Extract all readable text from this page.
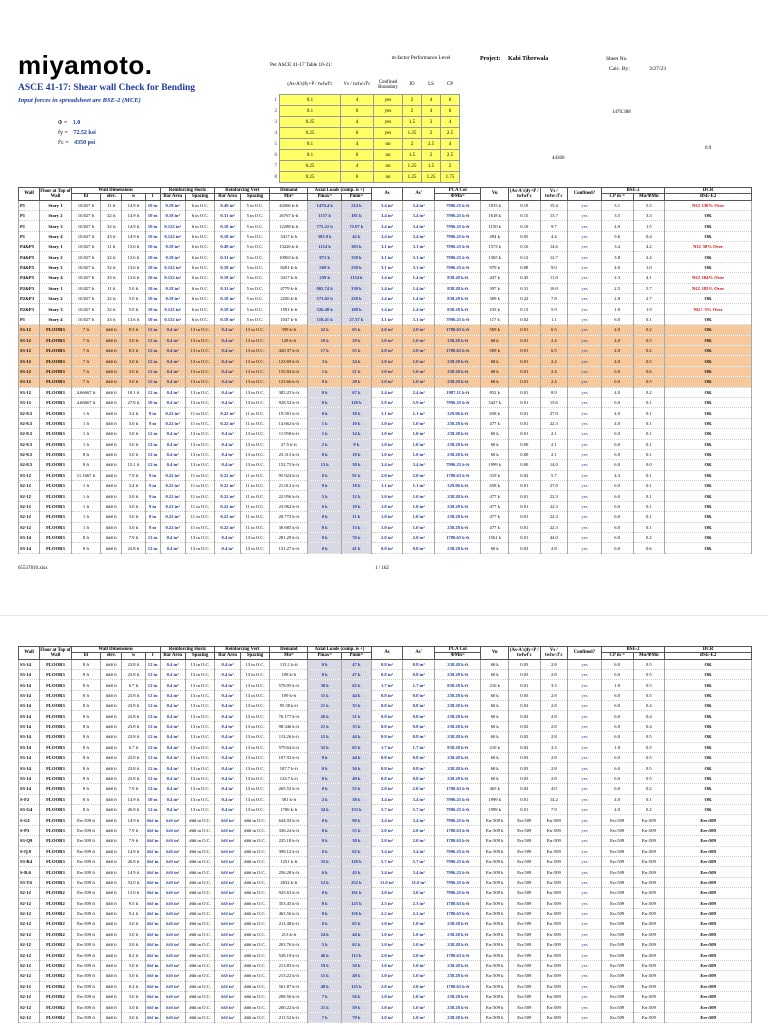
miyamoto.
ASCE 41-17: Shear wall Check for Bending
Input forces in spreadsheet are BSE-2 (MCE)
Φ = 1.0
fy = 72.52 ksi
f'c = 4350 psi
Per ASCE 41-17 Table 10-21:
m-factor Performance Level	Project: Kabi Tibrewala	Sheet No.
Calc. By:	3/27/23
1470.388
44366
0.9
	(As-A's)fy+P / twlwf'c	Vs / twlw√f'c	Confined Boundary	IO	LS	CP
1	0.1	4	yes	2	4	6
2	0.1	6	yes	2	4	6
3	0.25	4	yes	1.5	3	4
4	0.25	6	yes	1.25	2	2.5
5	0.1	4	no	2	2.5	4
6	0.1	6	no	1.5	2	2.5
7	0.25	4	no	1.25	1.5	2
8	0.25	6	no	1.25	1.25	1.75
Wall	Floor at Top of Wall	Wall Dimensions				Reinforcing Horiz		Reinforcing Vert		Demand	Axial Loads (comp. is +)		As	As'	PCA Col	Vu	(As-A's)fy+P / twlwf'c	Vs / twlw√f'c	Confined?	BSE-2		DCR
		ht	elev.	w	t	Bar Area	Spacing	Bar Area	Spacing	Mu=	Pmax=	Pmin=			ΦMn=					CP m =	Mu/ΦMn	BSE-E2
P1	Story 1	10.827 ft	11 ft	14.9 ft	10 in	0.18 in²	6 in O.C.	0.49 in²	5 in O.C.	44366 k-ft	1470.4 k	214 k	3.4 in²	3.4 in²	7996.25 k-ft	1815 k	0.19	15.4	yes	3.1	5.5	NG! 130% Over
P1	Story 2	10.827 ft	22 ft	14.9 ft	10 in	0.18 in²	6 in O.C.	0.31 in²	5 in O.C.	26767 k-ft	1157 k	181 k	3.4 in²	3.4 in²	7996.25 k-ft	1618 k	0.15	13.7	yes	3.5	3.3	OK
P1	Story 3	10.827 ft	32 ft	14.9 ft	10 in	0.122 in²	6 in O.C.	0.18 in²	5 in O.C.	12288 k-ft	775.22 k	75.07 k	3.4 in²	3.4 in²	7996.25 k-ft	1150 k	0.10	9.7	yes	4.0	1.5	OK
P1	Story 4	10.827 ft	43 ft	14.9 ft	10 in	0.122 in²	6 in O.C.	0.18 in²	5 in O.C.	3417 k-ft	383.9 k	42 k	3.4 in²	3.4 in²	7996.25 k-ft	494 k	0.05	4.4	yes	5.6	0.4	OK
P4&P5	Story 1	10.827 ft	11 ft	13.6 ft	10 in	0.18 in²	6 in O.C.	0.49 in²	5 in O.C.	13226 k-ft	1114 k	383 k	3.1 in²	3.1 in²	7996.25 k-ft	1573 k	0.16	14.6	yes	3.4	4.2	NG! 58% Over
P4&P5	Story 2	10.827 ft	22 ft	13.6 ft	10 in	0.18 in²	6 in O.C.	0.31 in²	5 in O.C.	10903 k-ft	871 k	338 k	3.1 in²	3.1 in²	7996.25 k-ft	1365 k	0.12	12.7	yes	3.8	2.4	OK
P4&P5	Story 3	10.827 ft	32 ft	13.6 ft	10 in	0.122 in²	6 in O.C.	0.18 in²	5 in O.C.	8201 k-ft	569 k	238 k	3.1 in²	3.1 in²	7996.25 k-ft	970 k	0.08	9.0	yes	4.0	1.0	OK
P4&P5	Story 4	10.827 ft	43 ft	13.6 ft	10 in	0.122 in²	6 in O.C.	0.18 in²	5 in O.C.	3417 k-ft	259 k	1134 k	1.4 in²	1.4 in²	838.28 k-ft	437 k	0.45	11.0	yes	2.3	4.1	NG! 104% Over
P2&P3	Story 1	10.827 ft	11 ft	5.0 ft	10 in	0.18 in²	6 in O.C.	0.31 in²	5 in O.C.	4779 k-ft	802.74 k	330 k	1.4 in²	1.4 in²	838.28 k-ft	397 k	0.31	10.0	yes	2.5	5.7	NG! 185% Over
P2&P3	Story 2	10.827 ft	22 ft	5.0 ft	10 in	0.18 in²	6 in O.C.	0.18 in²	5 in O.C.	2250 k-ft	573.02 k	228 k	1.4 in²	1.4 in²	838.28 k-ft	309 k	0.22	7.8	yes	2.8	2.7	OK
P2&P3	Story 3	10.827 ft	32 ft	5.0 ft	10 in	0.122 in²	6 in O.C.	0.18 in²	5 in O.C.	1591 k-ft	326.48 k	108 k	1.4 in²	1.4 in²	838.28 k-ft	233 k	0.13	5.9	yes	1.8	1.9	NG! -5% Over
P1	Story 4	10.827 ft	43 ft	13.6 ft	10 in	0.122 in²	6 in O.C.	0.18 in²	5 in O.C.	1047 k-ft	118.41 k	27.57 k	3.1 in²	3.1 in²	7996.25 k-ft	117 k	0.02	1.1	yes	6.0	0.1	OK
S3-12	FLOOR3	7 ft	### ft	8.3 ft	12 in	0.4 in²	13 in O.C.	0.4 in²	13 in O.C.	399 k-ft	22 k	65 k	2.0 in²	2.0 in²	1780.63 k-ft	509 k	0.01	6.5	yes	4.0	0.2	OK
S3-12	FLOOR3	7 ft	### ft	3.0 ft	12 in	0.4 in²	13 in O.C.	0.4 in²	13 in O.C.	128 k-ft	10 k	29 k	1.0 in²	1.0 in²	238.28 k-ft	68 k	0.01	2.4	yes	4.0	0.5	OK
S3-12	FLOOR3	7 ft	### ft	8.3 ft	12 in	0.4 in²	13 in O.C.	0.4 in²	13 in O.C.	420.37 k-ft	17 k	55 k	2.0 in²	2.0 in²	1780.63 k-ft	509 k	0.01	6.5	yes	4.0	0.2	OK
S3-12	FLOOR3	7 ft	### ft	3.0 ft	12 in	0.4 in²	13 in O.C.	0.4 in²	13 in O.C.	123.69 k-ft	3 k	24 k	1.0 in²	1.0 in²	238.28 k-ft	68 k	0.01	2.4	yes	4.0	0.5	OK
S3-12	FLOOR3	7 ft	### ft	3.0 ft	12 in	0.4 in²	13 in O.C.	0.4 in²	13 in O.C.	135.84 k-ft	1 k	21 k	1.0 in²	1.0 in²	238.28 k-ft	68 k	0.01	2.4	yes	6.0	0.6	OK
S3-12	FLOOR3	7 ft	### ft	3.0 ft	12 in	0.4 in²	13 in O.C.	0.4 in²	13 in O.C.	123.66 k-ft	0 k	28 k	1.0 in²	1.0 in²	238.28 k-ft	68 k	0.01	2.4	yes	6.0	0.5	OK
S3-12	FLOOR3	4.66667 ft	### ft	10.1 ft	12 in	0.4 in²	13 in O.C.	0.4 in²	13 in O.C.	385.25 k-ft	0 k	67 k	2.4 in²	2.4 in²	1987.11 k-ft	852 k	0.01	8.9	yes	4.0	0.2	OK
S3-12	FLOOR3	4.66667 ft	### ft	27.8 ft	10 in	0.4 in²	13 in O.C.	0.4 in²	13 in O.C.	928.52 k-ft	0 k	128 k	5.9 in²	5.9 in²	7996.25 k-ft	3427 k	0.01	15.6	yes	6.0	0.1	OK
S2-8.5	FLOOR3	1 ft	### ft	3.4 ft	9 in	0.22 in²	11 in O.C.	0.22 in²	11 in O.C.	19.581 k-ft	0 k	18 k	1.1 in²	1.1 in²	329.06 k-ft	658 k	0.01	27.0	yes	4.0	0.1	OK
S2-8.5	FLOOR3	1 ft	### ft	3.0 ft	9 in	0.22 in²	11 in O.C.	0.22 in²	11 in O.C.	14.662 k-ft	1 k	10 k	1.0 in²	1.0 in²	238.28 k-ft	477 k	0.01	22.3	yes	4.0	0.1	OK
S2-8.5	FLOOR3	1 ft	### ft	3.0 ft	12 in	0.4 in²	13 in O.C.	0.4 in²	13 in O.C.	11.958 k-ft	1 k	14 k	1.0 in²	1.0 in²	238.28 k-ft	60 k	0.01	2.1	yes	6.0	0.1	OK
S2-8.5	FLOOR3	1 ft	### ft	3.0 ft	12 in	0.4 in²	13 in O.C.	0.4 in²	13 in O.C.	27.5 k-ft	2 k	9 k	1.0 in²	1.0 in²	238.28 k-ft	60 k	0.00	2.1	yes	6.0	0.1	OK
S2-8.5	FLOOR3	8 ft	### ft	3.0 ft	12 in	0.4 in²	13 in O.C.	0.4 in²	13 in O.C.	25.313 k-ft	0 k	10 k	1.0 in²	1.0 in²	238.28 k-ft	60 k	0.00	2.1	yes	6.0	0.1	OK
S2-8.5	FLOOR3	8 ft	### ft	15.1 ft	12 in	0.4 in²	13 in O.C.	0.4 in²	13 in O.C.	152.75 k-ft	13 k	39 k	3.4 in²	3.4 in²	7996.25 k-ft	1999 k	0.00	14.0	yes	6.0	0.0	OK
S3-12	FLOOR3	11.1667 ft	### ft	7.9 ft	9 in	0.22 in²	11 in O.C.	0.22 in²	11 in O.C.	95.924 k-ft	0 k	91 k	2.0 in²	2.0 in²	1780.63 k-ft	319 k	0.02	5.7	yes	4.3	0.1	OK
S2-12	FLOOR3	1 ft	### ft	3.4 ft	9 in	0.22 in²	11 in O.C.	0.22 in²	11 in O.C.	21.012 k-ft	0 k	18 k	1.1 in²	1.1 in²	329.06 k-ft	658 k	0.01	27.0	yes	6.0	0.1	OK
S2-12	FLOOR3	1 ft	### ft	3.0 ft	9 in	0.22 in²	11 in O.C.	0.22 in²	11 in O.C.	22.956 k-ft	5 k	12 k	1.0 in²	1.0 in²	238.28 k-ft	477 k	0.01	22.3	yes	6.0	0.1	OK
S2-12	FLOOR3	1 ft	### ft	3.0 ft	9 in	0.22 in²	11 in O.C.	0.22 in²	11 in O.C.	23.962 k-ft	6 k	10 k	1.0 in²	1.0 in²	238.28 k-ft	477 k	0.01	22.3	yes	6.0	0.1	OK
S2-12	FLOOR3	1 ft	### ft	3.0 ft	9 in	0.22 in²	11 in O.C.	0.22 in²	11 in O.C.	28.773 k-ft	0 k	11 k	1.0 in²	1.0 in²	238.28 k-ft	477 k	0.01	22.3	yes	6.0	0.1	OK
S2-12	FLOOR3	1 ft	### ft	3.0 ft	9 in	0.22 in²	11 in O.C.	0.22 in²	11 in O.C.	30.685 k-ft	0 k	13 k	1.0 in²	1.0 in²	238.28 k-ft	477 k	0.01	22.3	yes	6.0	0.1	OK
S3-14	FLOOR3	8 ft	### ft	7.9 ft	13 in	0.4 in²	13 in O.C.	0.4 in²	13 in O.C.	281.29 k-ft	0 k	76 k	2.0 in²	2.0 in²	1780.63 k-ft	1561 k	0.01	44.0	yes	6.0	0.2	OK
S3-14	FLOOR3	8 ft	### ft	23.8 ft	12 in	0.4 in²	13 in O.C.	0.4 in²	13 in O.C.	131.27 k-ft	0 k	41 k	0.8 in²	0.8 in²	238.28 k-ft	60 k	0.03	2.8	yes	6.0	0.6	OK
65537810.xlsx	1 / 162
Wall	Floor at Top of Wall	Wall Dimensions				Reinforcing Horiz		Reinforcing Vert		Demand	Axial Loads (comp. is +)		As	As'	PCA Col	Vu	(As-A's)fy+P / twlwf'c	Vs / twlw√f'c	Confined?	BSE-2		DCR
		ht	elev.	w	t	Bar Area	Spacing	Bar Area	Spacing	Mu=	Pmax=	Pmin=			ΦMn=					CP m =	Mu/ΦMn	BSE-E2
S3-14	FLOOR3	8 ft	### ft	23.8 ft	12 in	0.4 in²	13 in O.C.	0.4 in²	13 in O.C.	113.1 k-ft	0 k	47 k	0.8 in²	0.8 in²	238.28 k-ft	60 k	0.03	2.8	yes	6.0	0.5	OK
S3-14	FLOOR3	8 ft	### ft	23.8 ft	12 in	0.4 in²	13 in O.C.	0.4 in²	13 in O.C.	108 k-ft	0 k	47 k	0.8 in²	0.8 in²	238.28 k-ft	60 k	0.03	2.8	yes	6.0	0.5	OK
S3-14	FLOOR3	8 ft	### ft	6.7 ft	12 in	0.4 in²	13 in O.C.	0.4 in²	13 in O.C.	578.05 k-ft	30 k	62 k	1.7 in²	1.7 in²	838.28 k-ft	210 k	0.01	3.3	yes	1.8	0.5	OK
S3-14	FLOOR3	8 ft	### ft	23.8 ft	12 in	0.4 in²	13 in O.C.	0.4 in²	13 in O.C.	109 k-ft	11 k	44 k	0.8 in²	0.8 in²	238.28 k-ft	60 k	0.03	2.8	yes	6.0	0.5	OK
S3-14	FLOOR3	8 ft	### ft	23.8 ft	12 in	0.4 in²	13 in O.C.	0.4 in²	13 in O.C.	95.58 k-ft	21 k	35 k	0.8 in²	0.8 in²	238.28 k-ft	60 k	0.02	2.8	yes	6.0	0.4	OK
S3-14	FLOOR3	8 ft	### ft	23.8 ft	12 in	0.4 in²	13 in O.C.	0.4 in²	13 in O.C.	76.177 k-ft	26 k	31 k	0.8 in²	0.8 in²	238.28 k-ft	60 k	0.02	2.8	yes	6.0	0.4	OK
S3-14	FLOOR3	8 ft	### ft	23.8 ft	12 in	0.4 in²	13 in O.C.	0.4 in²	13 in O.C.	98.346 k-ft	21 k	35 k	0.8 in²	0.8 in²	238.28 k-ft	60 k	0.02	2.8	yes	6.0	0.4	OK
S3-14	FLOOR3	8 ft	### ft	23.8 ft	12 in	0.4 in²	13 in O.C.	0.4 in²	13 in O.C.	113.26 k-ft	12 k	44 k	0.8 in²	0.8 in²	238.28 k-ft	60 k	0.02	2.8	yes	6.0	0.5	OK
S3-14	FLOOR3	8 ft	### ft	6.7 ft	12 in	0.4 in²	13 in O.C.	0.4 in²	13 in O.C.	579.64 k-ft	32 k	65 k	1.7 in²	1.7 in²	838.28 k-ft	210 k	0.02	3.3	yes	1.8	0.5	OK
S3-14	FLOOR3	8 ft	### ft	23.8 ft	12 in	0.4 in²	13 in O.C.	0.4 in²	13 in O.C.	107.92 k-ft	0 k	44 k	0.8 in²	0.8 in²	238.28 k-ft	60 k	0.03	2.8	yes	6.0	0.5	OK
S3-14	FLOOR3	8 ft	### ft	23.8 ft	12 in	0.4 in²	13 in O.C.	0.4 in²	13 in O.C.	107.7 k-ft	0 k	36 k	0.8 in²	0.8 in²	238.28 k-ft	60 k	0.03	2.8	yes	6.0	0.5	OK
S3-14	FLOOR3	8 ft	### ft	23.8 ft	12 in	0.4 in²	13 in O.C.	0.4 in²	13 in O.C.	124.7 k-ft	0 k	40 k	0.8 in²	0.8 in²	238.28 k-ft	60 k	0.03	2.8	yes	6.0	0.5	OK
S3-14	FLOOR3	8 ft	### ft	7.9 ft	12 in	0.4 in²	13 in O.C.	0.4 in²	13 in O.C.	265.53 k-ft	0 k	55 k	2.0 in²	2.0 in²	1780.63 k-ft	465 k	0.02	4.0	yes	6.0	0.2	OK
S-F2	FLOOR3	8 ft	### ft	14.9 ft	10 in	0.4 in²	13 in O.C.	0.4 in²	13 in O.C.	381 k-ft	2 k	38 k	3.4 in²	3.4 in²	7996.25 k-ft	1999 k	0.01	14.2	yes	4.0	0.1	OK
S3-G4	FLOOR3	8 ft	### ft	26.8 ft	12 in	0.4 in²	13 in O.C.	0.4 in²	13 in O.C.	1706 k-ft	34 k	133 k	5.7 in²	5.7 in²	7996.25 k-ft	1999 k	0.01	7.9	yes	4.0	0.2	OK
S-G1	FLOOR3	Err:509 ft	### ft	14.9 ft	### in	### in²	### in O.C.	### in²	### in O.C.	644.93 k-ft	0 k	90 k	3.4 in²	3.4 in²	7996.25 k-ft	Err:509 k	Err:509	Err:509	yes	Err:509	Err:509	Err:509
S-P3	FLOOR3	Err:509 ft	### ft	7.9 ft	### in	### in²	### in O.C.	### in²	### in O.C.	336.24 k-ft	0 k	55 k	2.0 in²	2.0 in²	1780.63 k-ft	Err:509 k	Err:509	Err:509	yes	Err:509	Err:509	Err:509
S3-Q9	FLOOR3	Err:509 ft	### ft	7.9 ft	### in	### in²	### in O.C.	### in²	### in O.C.	225.18 k-ft	0 k	39 k	2.0 in²	2.0 in²	1780.63 k-ft	Err:509 k	Err:509	Err:509	yes	Err:509	Err:509	Err:509
S-Q.9	FLOOR3	Err:509 ft	### ft	14.9 ft	### in	### in²	### in O.C.	### in²	### in O.C.	398.12 k-ft	0 k	62 k	3.4 in²	3.4 in²	7996.25 k-ft	Err:509 k	Err:509	Err:509	yes	Err:509	Err:509	Err:509
S3-R4	FLOOR3	Err:509 ft	### ft	26.8 ft	### in	### in²	### in O.C.	### in²	### in O.C.	1251 k-ft	33 k	128 k	5.7 in²	5.7 in²	7996.25 k-ft	Err:509 k	Err:509	Err:509	yes	Err:509	Err:509	Err:509
S-R.6	FLOOR3	Err:509 ft	### ft	14.9 ft	### in	### in²	### in O.C.	### in²	### in O.C.	256.28 k-ft	6 k	45 k	3.4 in²	3.4 in²	7996.25 k-ft	Err:509 k	Err:509	Err:509	yes	Err:509	Err:509	Err:509
S3-T4	FLOOR3	Err:509 ft	### ft	53.0 ft	### in	### in²	### in O.C.	### in²	### in O.C.	2632 k-ft	12 k	252 k	11.0 in²	11.0 in²	7996.25 k-ft	Err:509 k	Err:509	Err:509	yes	Err:509	Err:509	Err:509
S2-12	FLOOR2	Err:509 ft	### ft	13.0 ft	### in	### in²	### in O.C.	### in²	### in O.C.	925.63 k-ft	0 k	161 k	3.0 in²	3.0 in²	7996.25 k-ft	Err:509 k	Err:509	Err:509	yes	Err:509	Err:509	Err:509
S2-12	FLOOR2	Err:509 ft	### ft	9.5 ft	### in	### in²	### in O.C.	### in²	### in O.C.	353.45 k-ft	0 k	125 k	2.3 in²	2.3 in²	1780.63 k-ft	Err:509 k	Err:509	Err:509	yes	Err:509	Err:509	Err:509
S2-12	FLOOR2	Err:509 ft	### ft	9.2 ft	### in	### in²	### in O.C.	### in²	### in O.C.	463.56 k-ft	0 k	156 k	2.2 in²	2.2 in²	1780.63 k-ft	Err:509 k	Err:509	Err:509	yes	Err:509	Err:509	Err:509
S2-12	FLOOR2	Err:509 ft	### ft	3.0 ft	### in	### in²	### in O.C.	### in²	### in O.C.	211.48 k-ft	0 k	65 k	1.0 in²	1.0 in²	238.28 k-ft	Err:509 k	Err:509	Err:509	yes	Err:509	Err:509	Err:509
S2-12	FLOOR2	Err:509 ft	### ft	3.0 ft	### in	### in²	### in O.C.	### in²	### in O.C.	213 k-ft	24 k	44 k	1.0 in²	1.0 in²	238.28 k-ft	Err:509 k	Err:509	Err:509	yes	Err:509	Err:509	Err:509
S2-12	FLOOR2	Err:509 ft	### ft	3.0 ft	### in	### in²	### in O.C.	### in²	### in O.C.	203.76 k-ft	5 k	62 k	1.0 in²	1.0 in²	238.28 k-ft	Err:509 k	Err:509	Err:509	yes	Err:509	Err:509	Err:509
S2-12	FLOOR2	Err:509 ft	### ft	8.2 ft	### in	### in²	### in O.C.	### in²	### in O.C.	528.19 k-ft	46 k	113 k	2.0 in²	2.0 in²	1780.63 k-ft	Err:509 k	Err:509	Err:509	yes	Err:509	Err:509	Err:509
S2-12	FLOOR2	Err:509 ft	### ft	3.0 ft	### in	### in²	### in O.C.	### in²	### in O.C.	213.83 k-ft	19 k	50 k	1.0 in²	1.0 in²	238.28 k-ft	Err:509 k	Err:509	Err:509	yes	Err:509	Err:509	Err:509
S2-12	FLOOR2	Err:509 ft	### ft	3.0 ft	### in	### in²	### in O.C.	### in²	### in O.C.	213.22 k-ft	15 k	48 k	1.0 in²	1.0 in²	238.28 k-ft	Err:509 k	Err:509	Err:509	yes	Err:509	Err:509	Err:509
S2-12	FLOOR2	Err:509 ft	### ft	8.2 ft	### in	### in²	### in O.C.	### in²	### in O.C.	561.87 k-ft	48 k	125 k	2.0 in²	2.0 in²	1780.63 k-ft	Err:509 k	Err:509	Err:509	yes	Err:509	Err:509	Err:509
S2-12	FLOOR2	Err:509 ft	### ft	3.0 ft	### in	### in²	### in O.C.	### in²	### in O.C.	208.56 k-ft	7 k	56 k	1.0 in²	1.0 in²	238.28 k-ft	Err:509 k	Err:509	Err:509	yes	Err:509	Err:509	Err:509
S2-12	FLOOR2	Err:509 ft	### ft	3.0 ft	### in	### in²	### in O.C.	### in²	### in O.C.	200.22 k-ft	21 k	59 k	1.0 in²	1.0 in²	238.28 k-ft	Err:509 k	Err:509	Err:509	yes	Err:509	Err:509	Err:509
S2-12	FLOOR2	Err:509 ft	### ft	3.0 ft	### in	### in²	### in O.C.	### in²	### in O.C.	211.52 k-ft	7 k	70 k	1.0 in²	1.0 in²	238.28 k-ft	Err:509 k	Err:509	Err:509	yes	Err:509	Err:509	Err:509
